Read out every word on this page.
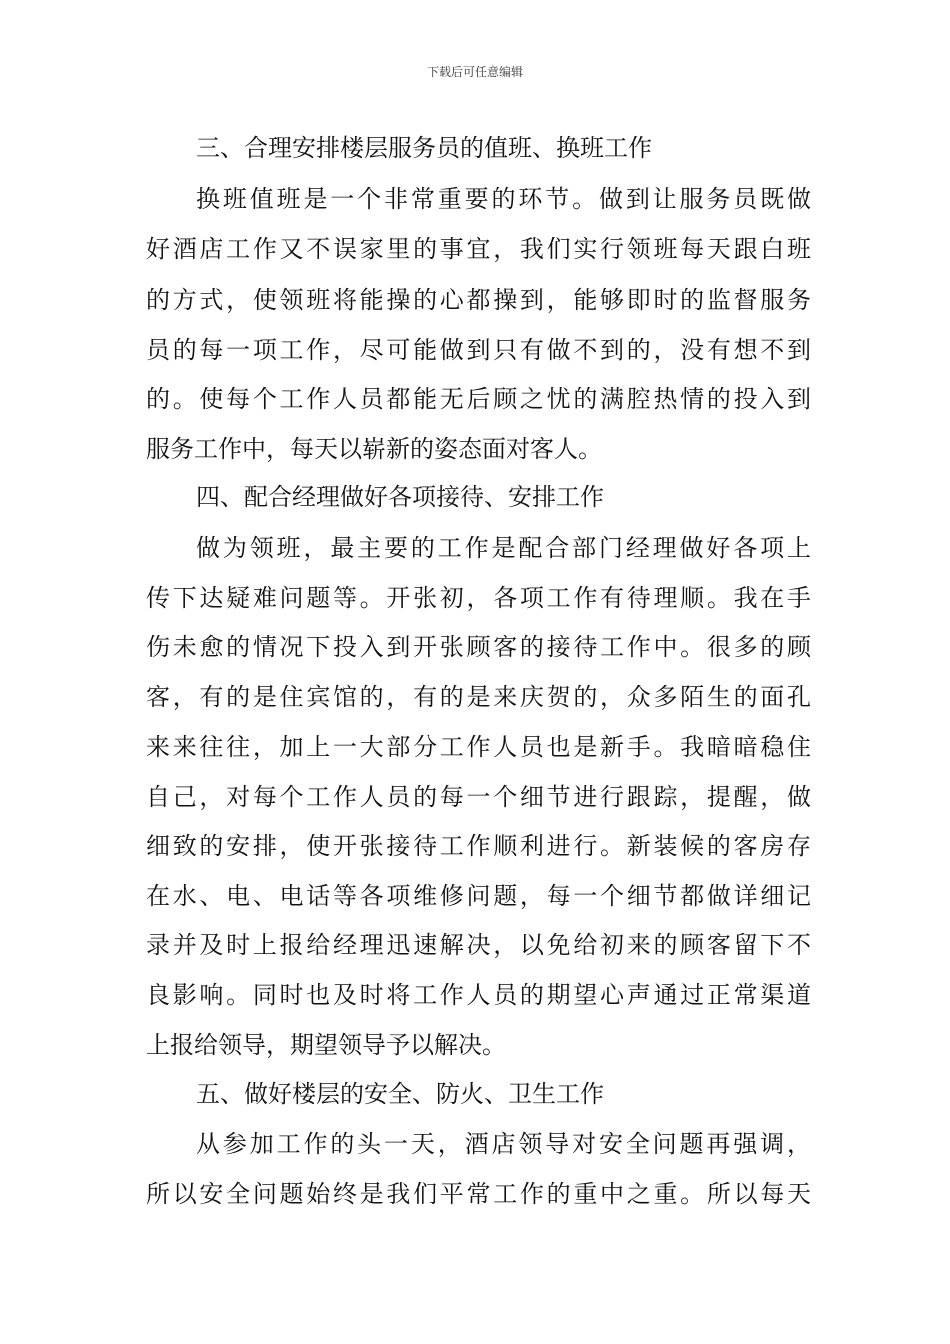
下载后可任意编辑
三、合理安排楼层服务员的值班、换班工作
换班值班是一个非常重要的环节。做到让服务员既做
好酒店工作又不误家里的事宜，我们实行领班每天跟白班
的方式，使领班将能操的心都操到，能够即时的监督服务
员的每一项工作，尽可能做到只有做不到的，没有想不到
的。使每个工作人员都能无后顾之忧的满腔热情的投入到
服务工作中，每天以崭新的姿态面对客人。
四、配合经理做好各项接待、安排工作
做为领班，最主要的工作是配合部门经理做好各项上
传下达疑难问题等。开张初，各项工作有待理顺。我在手
伤未愈的情况下投入到开张顾客的接待工作中。很多的顾
客，有的是住宾馆的，有的是来庆贺的，众多陌生的面孔
来来往往，加上一大部分工作人员也是新手。我暗暗稳住
自己，对每个工作人员的每一个细节进行跟踪，提醒，做
细致的安排，使开张接待工作顺利进行。新装候的客房存
在水、电、电话等各项维修问题，每一个细节都做详细记
录并及时上报给经理迅速解决，以免给初来的顾客留下不
良影响。同时也及时将工作人员的期望心声通过正常渠道
上报给领导，期望领导予以解决。
五、做好楼层的安全、防火、卫生工作
从参加工作的头一天，酒店领导对安全问题再强调，
所以安全问题始终是我们平常工作的重中之重。所以每天
